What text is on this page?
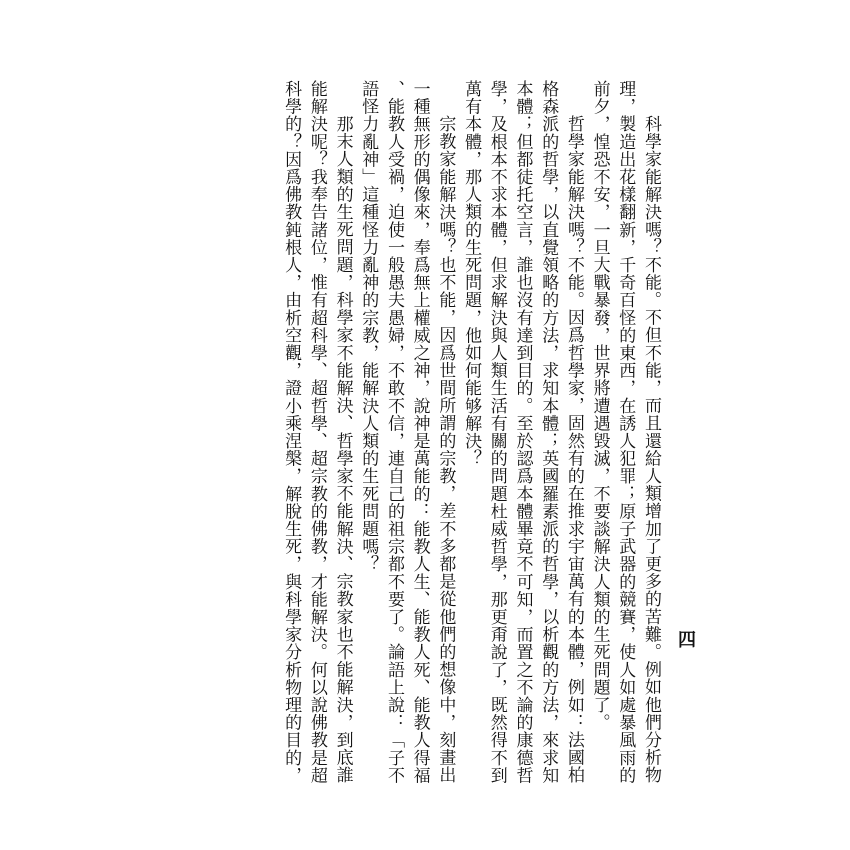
四
科學家能解決嗎？不能。不但不能，而且還給人類增加了更多的苦難。例如他們分析物
理，製造出花樣翻新，千奇百怪的東西，在誘人犯罪；原子武器的競賽，使人如處暴風雨的
前夕，惶恐不安，一旦大戰暴發，世界將遭遇毀滅，不要談解決人類的生死問題了。
哲學家能解決嗎？不能。因爲哲學家，固然有的在推求宇宙萬有的本體，例如：法國柏
格森派的哲學，以直覺領略的方法，求知本體；英國羅素派的哲學，以析觀的方法，來求知
本體；但都徒托空言，誰也沒有達到目的。至於認爲本體畢竟不可知，而置之不論的康德哲
學，及根本不求本體，但求解決與人類生活有關的問題杜威哲學，那更甭說了，既然得不到
萬有本體，那人類的生死問題，他如何能够解決？
宗教家能解決嗎？也不能，因爲世間所謂的宗教，差不多都是從他們的想像中，刻畫出
一種無形的偶像來，奉爲無上權威之神，說神是萬能的：能教人生、能教人死、能教人得福
、能教人受禍，迫使一般愚夫愚婦，不敢不信，連自己的祖宗都不要了。論語上說：「子不
語怪力亂神」這種怪力亂神的宗教，能解決人類的生死問題嗎？
那末人類的生死問題，科學家不能解決、哲學家不能解決、宗教家也不能解決，到底誰
能解決呢？我奉告諸位，惟有超科學、超哲學、超宗教的佛教，才能解決。何以說佛教是超
科學的？因爲佛教鈍根人，由析空觀，證小乘涅槃，解脫生死，與科學家分析物理的目的，
